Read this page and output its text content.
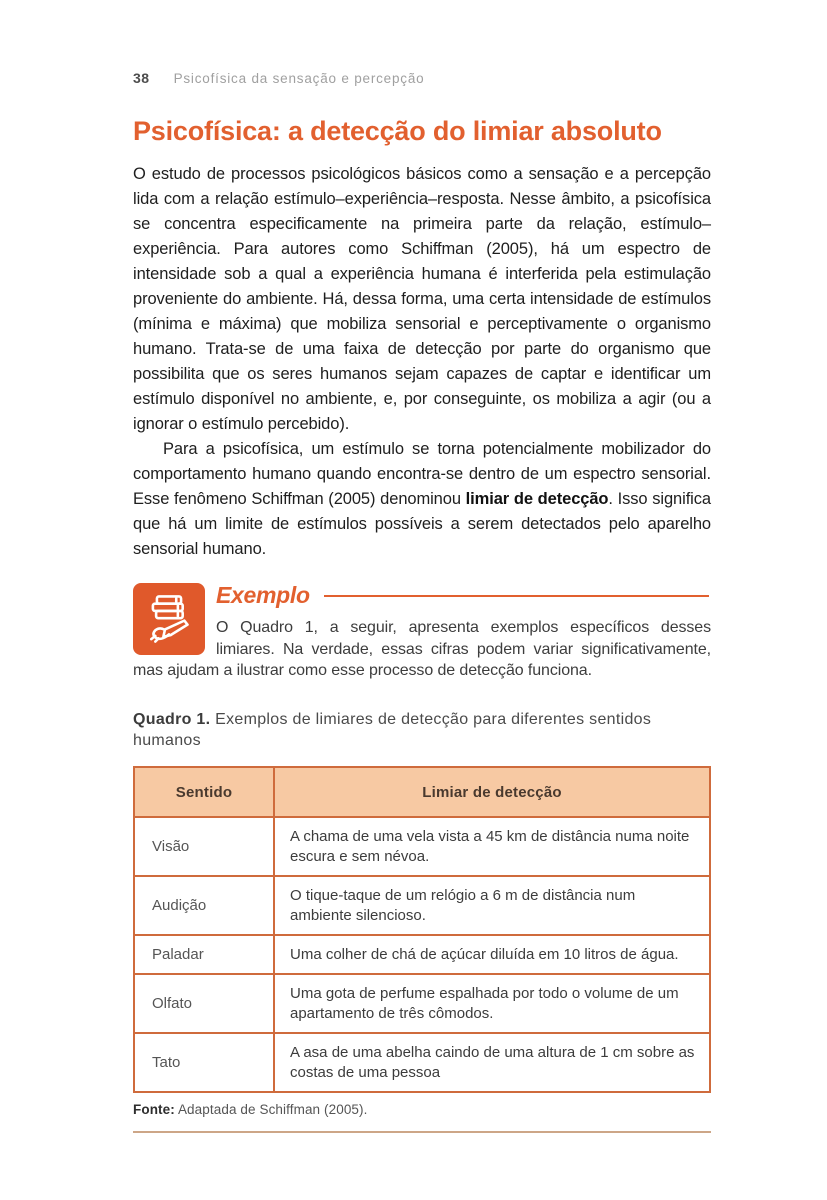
38 Psicofísica da sensação e percepção
Psicofísica: a detecção do limiar absoluto

O estudo de processos psicológicos básicos como a sensação e a percepção lida com a relação estímulo–experiência–resposta. Nesse âmbito, a psicofísica se concentra especificamente na primeira parte da relação, estímulo–experiência. Para autores como Schiffman (2005), há um espectro de intensidade sob a qual a experiência humana é interferida pela estimulação proveniente do ambiente. Há, dessa forma, uma certa intensidade de estímulos (mínima e máxima) que mobiliza sensorial e perceptivamente o organismo humano. Trata-se de uma faixa de detecção por parte do organismo que possibilita que os seres humanos sejam capazes de captar e identificar um estímulo disponível no ambiente, e, por conseguinte, os mobiliza a agir (ou a ignorar o estímulo percebido).

Para a psicofísica, um estímulo se torna potencialmente mobilizador do comportamento humano quando encontra-se dentro de um espectro sensorial. Esse fenômeno Schiffman (2005) denominou limiar de detecção. Isso significa que há um limite de estímulos possíveis a serem detectados pelo aparelho sensorial humano.

Exemplo

O Quadro 1, a seguir, apresenta exemplos específicos desses limiares. Na verdade, essas cifras podem variar significativamente, mas ajudam a ilustrar como esse processo de detecção funciona.

Quadro 1. Exemplos de limiares de detecção para diferentes sentidos humanos

Sentido	Limiar de detecção
Visão	A chama de uma vela vista a 45 km de distância numa noite escura e sem névoa.
Audição	O tique-taque de um relógio a 6 m de distância num ambiente silencioso.
Paladar	Uma colher de chá de açúcar diluída em 10 litros de água.
Olfato	Uma gota de perfume espalhada por todo o volume de um apartamento de três cômodos.
Tato	A asa de uma abelha caindo de uma altura de 1 cm sobre as costas de uma pessoa

Fonte: Adaptada de Schiffman (2005).
